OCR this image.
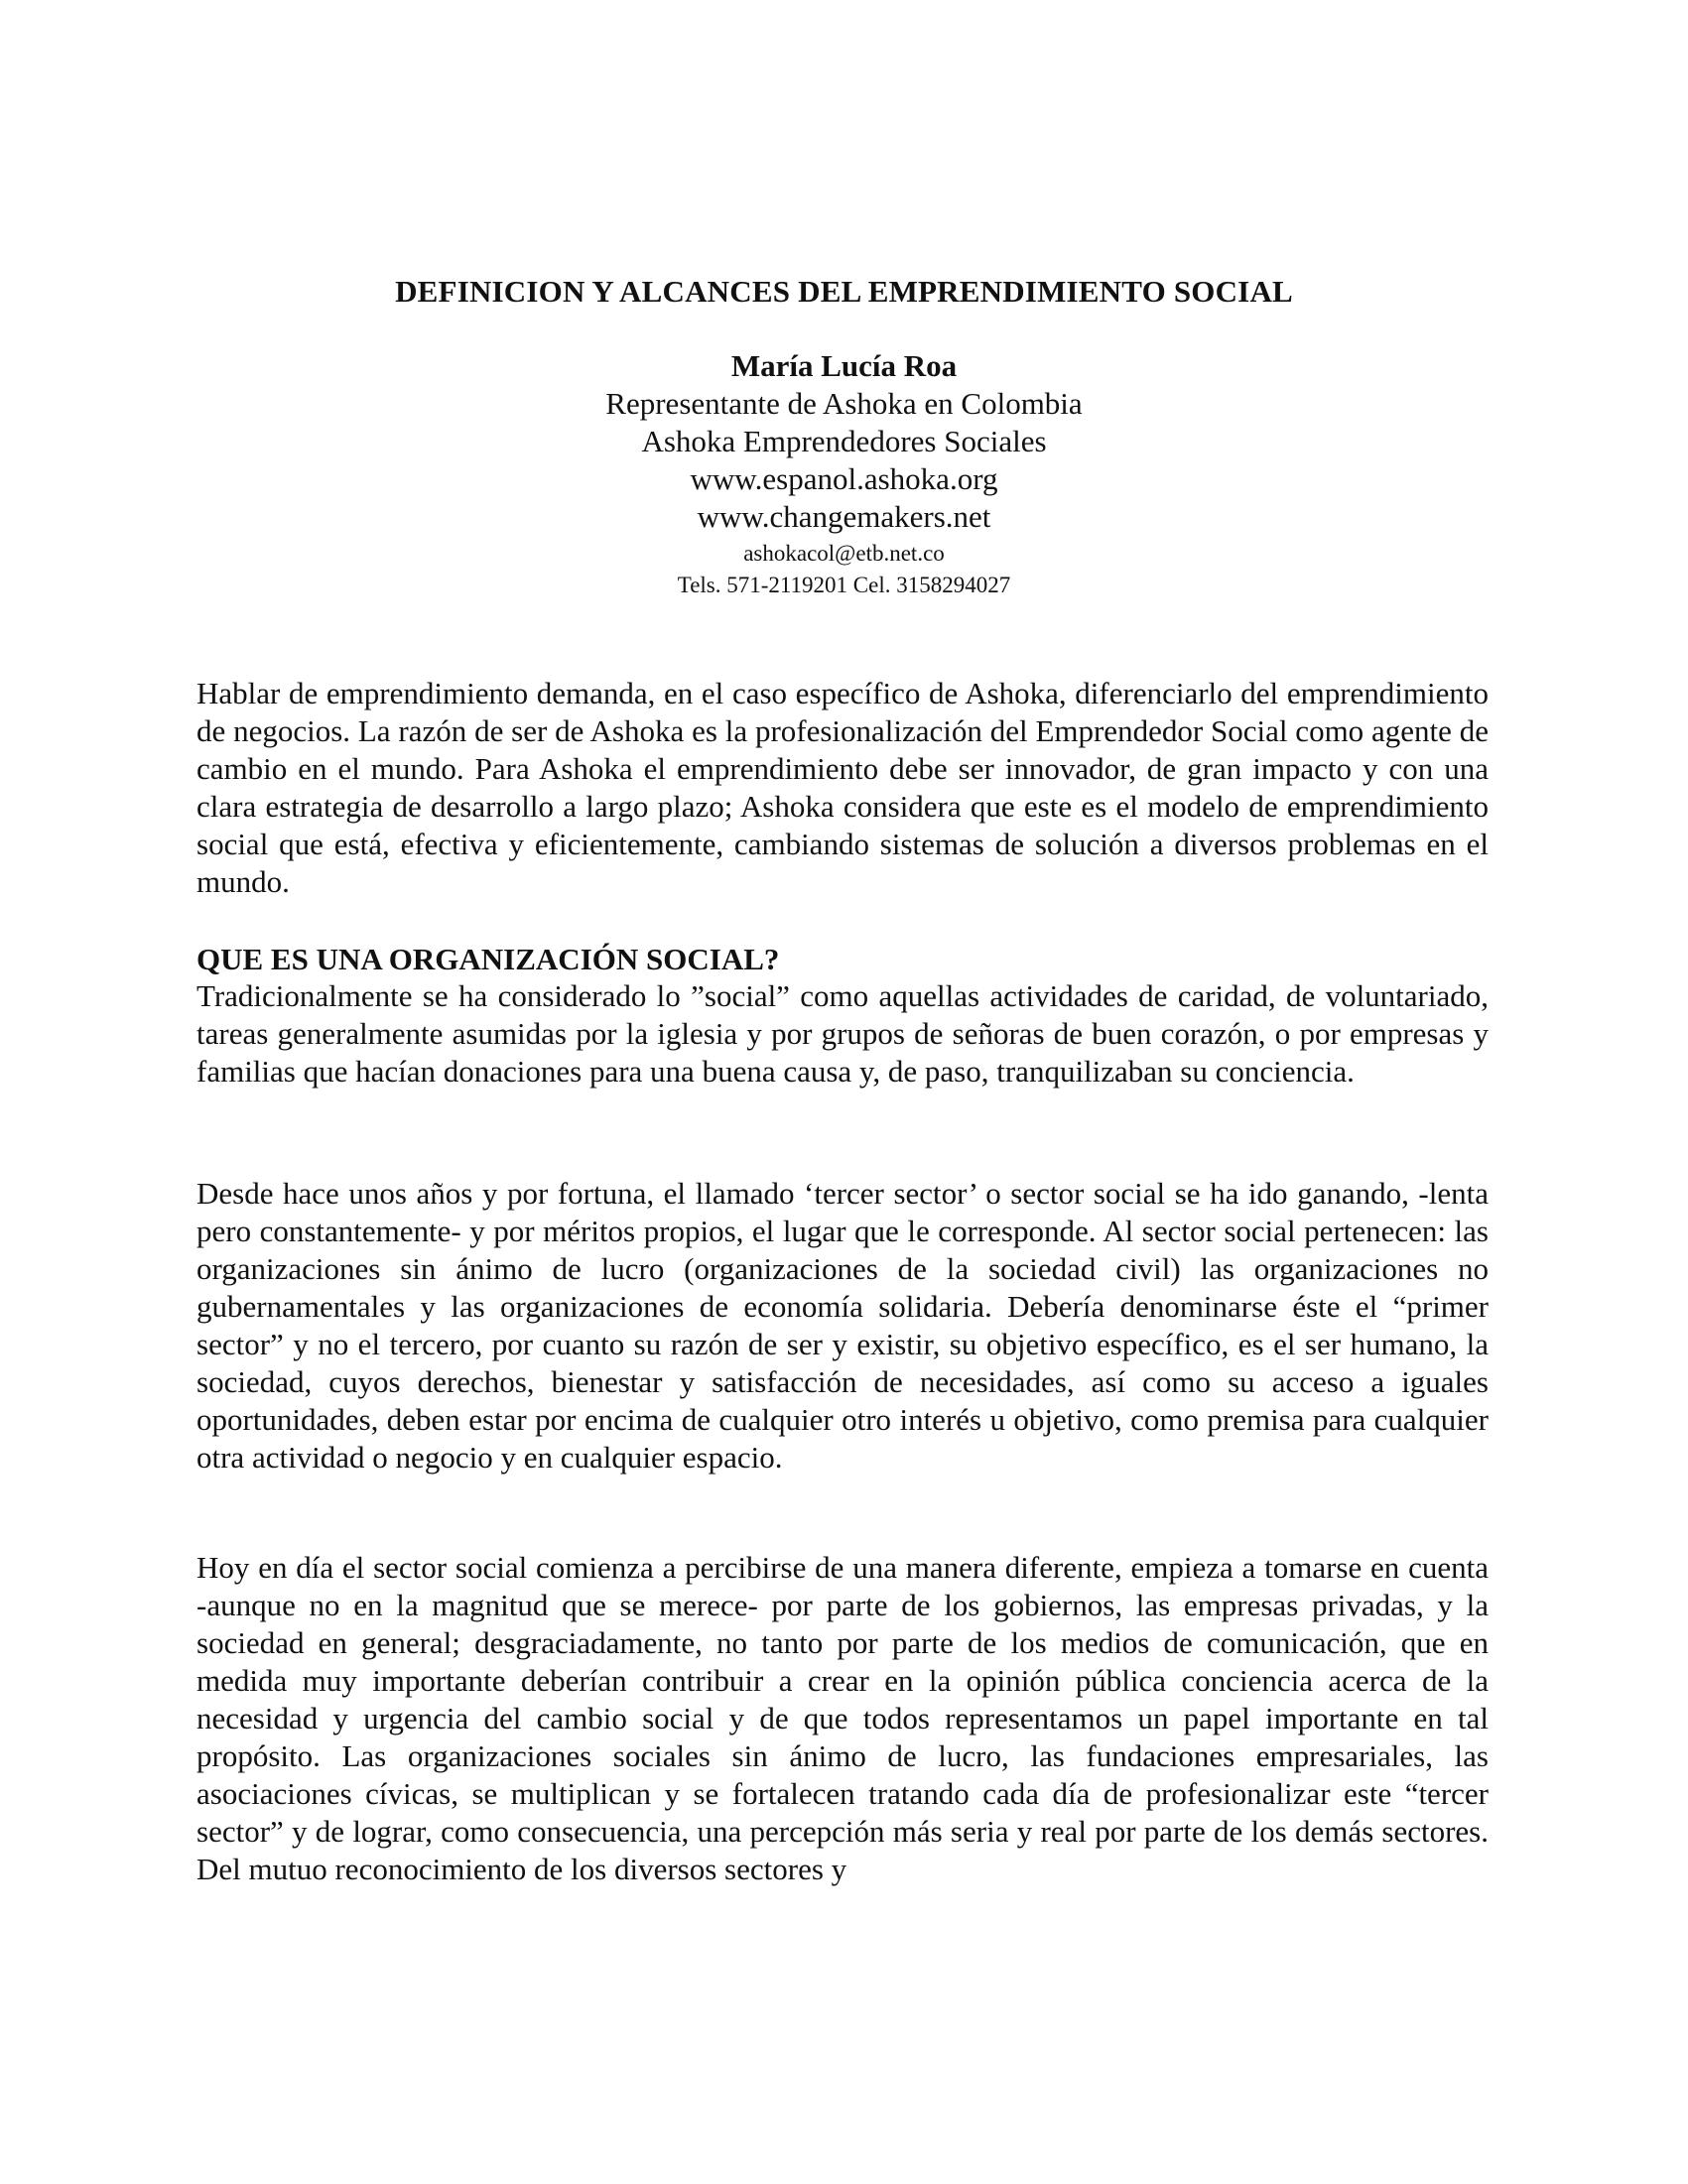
DEFINICION Y ALCANCES DEL EMPRENDIMIENTO SOCIAL
María Lucía Roa
Representante de Ashoka en Colombia
Ashoka Emprendedores Sociales
www.espanol.ashoka.org
www.changemakers.net
ashokacol@etb.net.co
Tels. 571-2119201 Cel. 3158294027

Hablar de emprendimiento demanda, en el caso específico de Ashoka, diferenciarlo del emprendimiento de negocios. La razón de ser de Ashoka es la profesionalización del Emprendedor Social como agente de cambio en el mundo. Para Ashoka el emprendimiento debe ser innovador, de gran impacto y con una clara estrategia de desarrollo a largo plazo; Ashoka considera que este es el modelo de emprendimiento social que está, efectiva y eficientemente, cambiando sistemas de solución a diversos problemas en el mundo.

QUE ES UNA ORGANIZACIÓN SOCIAL?

Tradicionalmente se ha considerado lo ”social” como aquellas actividades de caridad, de voluntariado, tareas generalmente asumidas por la iglesia y por grupos de señoras de buen corazón, o por empresas y familias que hacían donaciones para una buena causa y, de paso, tranquilizaban su conciencia.

Desde hace unos años y por fortuna, el llamado ‘tercer sector’ o sector social se ha ido ganando, -lenta pero constantemente- y por méritos propios, el lugar que le corresponde. Al sector social pertenecen: las organizaciones sin ánimo de lucro (organizaciones de la sociedad civil) las organizaciones no gubernamentales y las organizaciones de economía solidaria. Debería denominarse éste el “primer sector” y no el tercero, por cuanto su razón de ser y existir, su objetivo específico, es el ser humano, la sociedad, cuyos derechos, bienestar y satisfacción de necesidades, así como su acceso a iguales oportunidades, deben estar por encima de cualquier otro interés u objetivo, como premisa para cualquier otra actividad o negocio y en cualquier espacio.

Hoy en día el sector social comienza a percibirse de una manera diferente, empieza a tomarse en cuenta -aunque no en la magnitud que se merece- por parte de los gobiernos, las empresas privadas, y la sociedad en general; desgraciadamente, no tanto por parte de los medios de comunicación, que en medida muy importante deberían contribuir a crear en la opinión pública conciencia acerca de la necesidad y urgencia del cambio social y de que todos representamos un papel importante en tal propósito. Las organizaciones sociales sin ánimo de lucro, las fundaciones empresariales, las asociaciones cívicas, se multiplican y se fortalecen tratando cada día de profesionalizar este “tercer sector” y de lograr, como consecuencia, una percepción más seria y real por parte de los demás sectores. Del mutuo reconocimiento de los diversos sectores y
